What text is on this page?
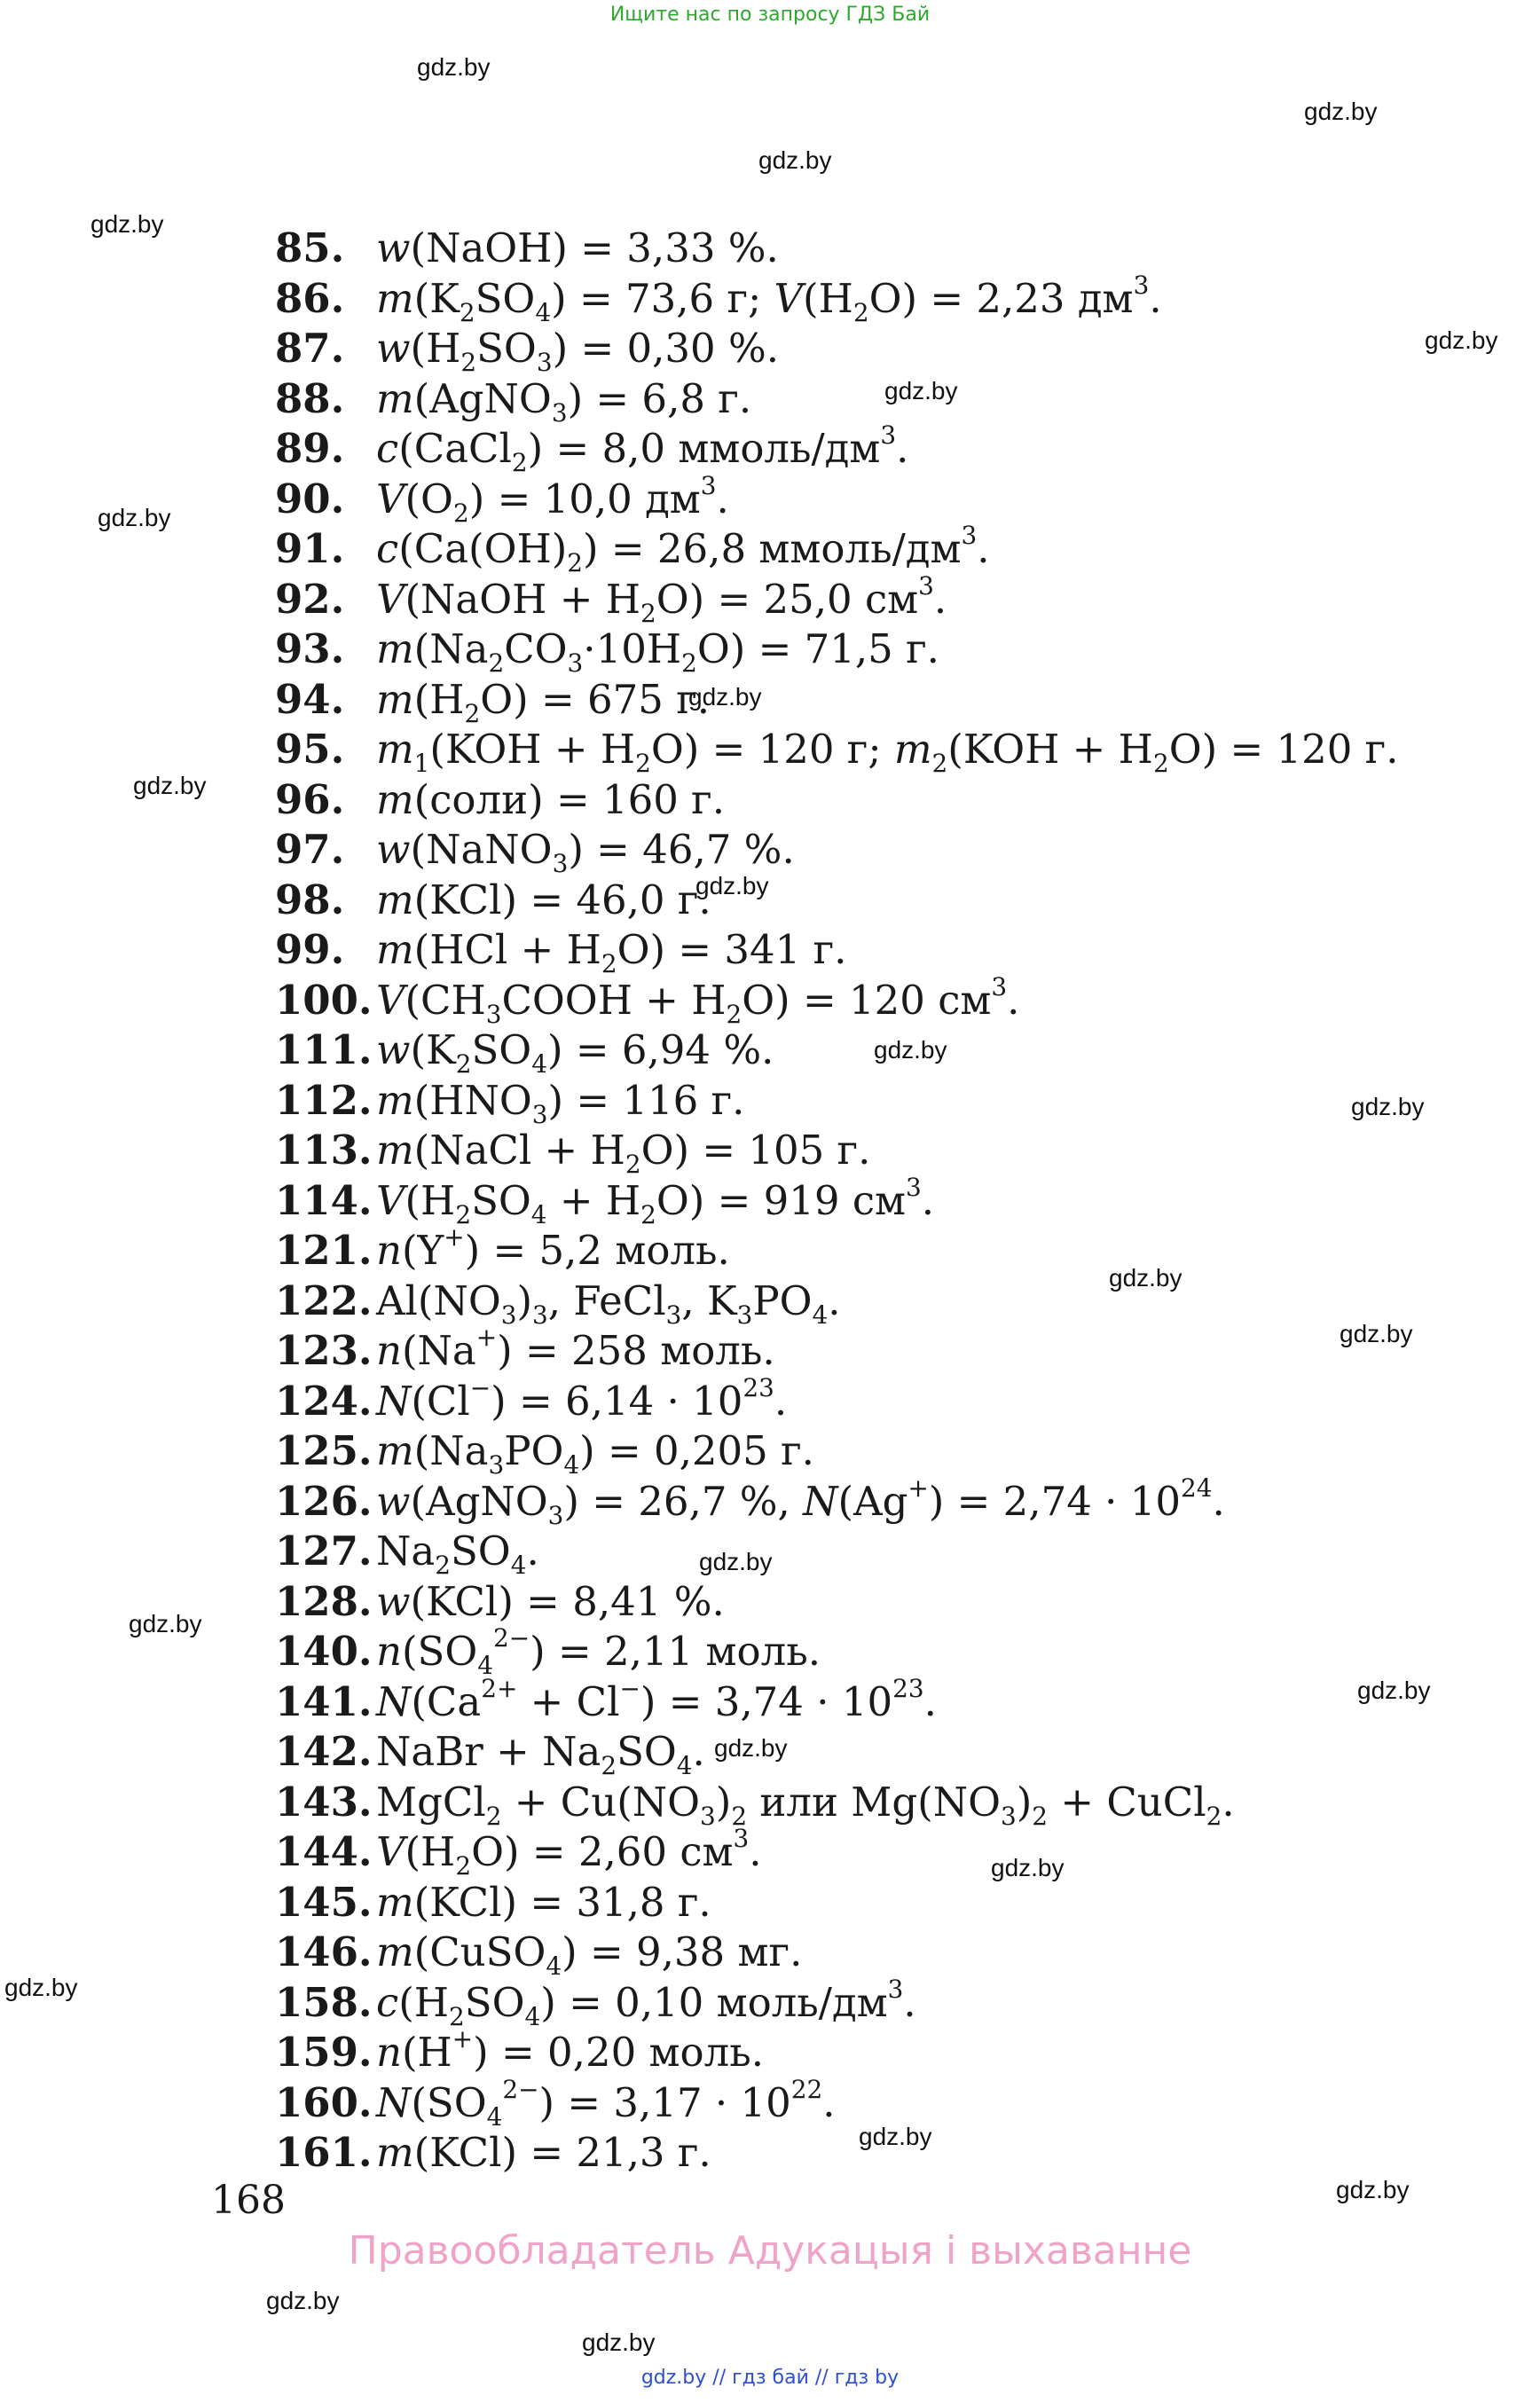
Ищите нас по запросу ГДЗ Бай
gdz.by
gdz.by
gdz.by
gdz.by
gdz.by
gdz.by
gdz.by
gdz.by
gdz.by
gdz.by
gdz.by
gdz.by
gdz.by
gdz.by
gdz.by
gdz.by
gdz.by
gdz.by
gdz.by
gdz.by
gdz.by
gdz.by
gdz.by
gdz.by
85. w(NaOH) = 3,33 %.
86. $m(K_2SO_4) = 73,6$ г; $V(H_2O) = 2,23$ $дм^3$.
87. $w(H_2SO_3) = 0,30$ %.
88. m(AgNO$_3$) = 6,8 г.
89. c(CaCl$_2$) = 8,0 ммоль/$дм^3$.
90. $V(O_2) = 10,0$ $дм^3$.
91. $c(Ca(OH)_2) = 26,8$ ммоль/$дм^3$.
92. V(NaOH + $H_2O) = 25,0$ $см^3$.
93. $m(Na_2CO_3\cdot 10H_2O) = 71,5$ г.
94. $m(H_2O) = 675$ г.
95. $m_1(KOH + H_2O) = 120$ г; $m_2(KOH + H_2O) = 120$ г.
96. m(соли) = 160 г.
97. w(NaNO$_3$) = 46,7 %.
98. m(KCl) = 46,0 г.
99. $m(HCl + H_2O) = 341$ г.
$100.V(CH_3COOH + H_2O) = 120$ $см^3$.
$111.w(K_2SO_4) = 6,94$ %.
$112.m(HNO_3) = 116$ г.
113.m(NaCl + $H_2O) = 105$ г.
$114.V(H_2SO_4 + H_2O) = 919$ $см^3$.
121.n(Y+) = 5,2 моль.
$122.Al(NO_3)_3$, FeCl$_3$, $K_3PO_4$.
123.n(Na+) = 258 моль.
$124.N(Cl^-) = 6,14 \cdot 10^{23}$.
$125.m(Na_3PO_4) = 0,205$ г.
126.w(AgNO$_3$) = 26,7 %, $N(Ag^+) = 2,74 \cdot 10^{24}$.
$127.Na_2SO_4$.
128.w(KCl) = 8,41 %.
$140.n(SO_4^{2-}) = 2,11$ моль.
$141.N(Ca^{2+} + Cl^-) = 3,74 \cdot 10^{23}$.
142.NaBr + $Na_2SO_4$.
143.MgCl$_2$ + $Cu(NO_3)_2$ или $Mg(NO_3)_2$ + CuCl$_2$.
$144.V(H_2O) = 2,60$ $см^3$.
145.m(KCl) = 31,8 г.
146.m(CuSO$_4$) = 9,38 мг.
$158.c(H_2SO_4) = 0,10$ моль/$дм^3$.
159.n(H+) = 0,20 моль.
$160.N(SO_4^{2-}) = 3,17 \cdot 10^{22}$.
161.m(KCl) = 21,3 г.
168
Правообладатель Адукацыя і выхаванне
gdz.by // гдз бай // гдз by
